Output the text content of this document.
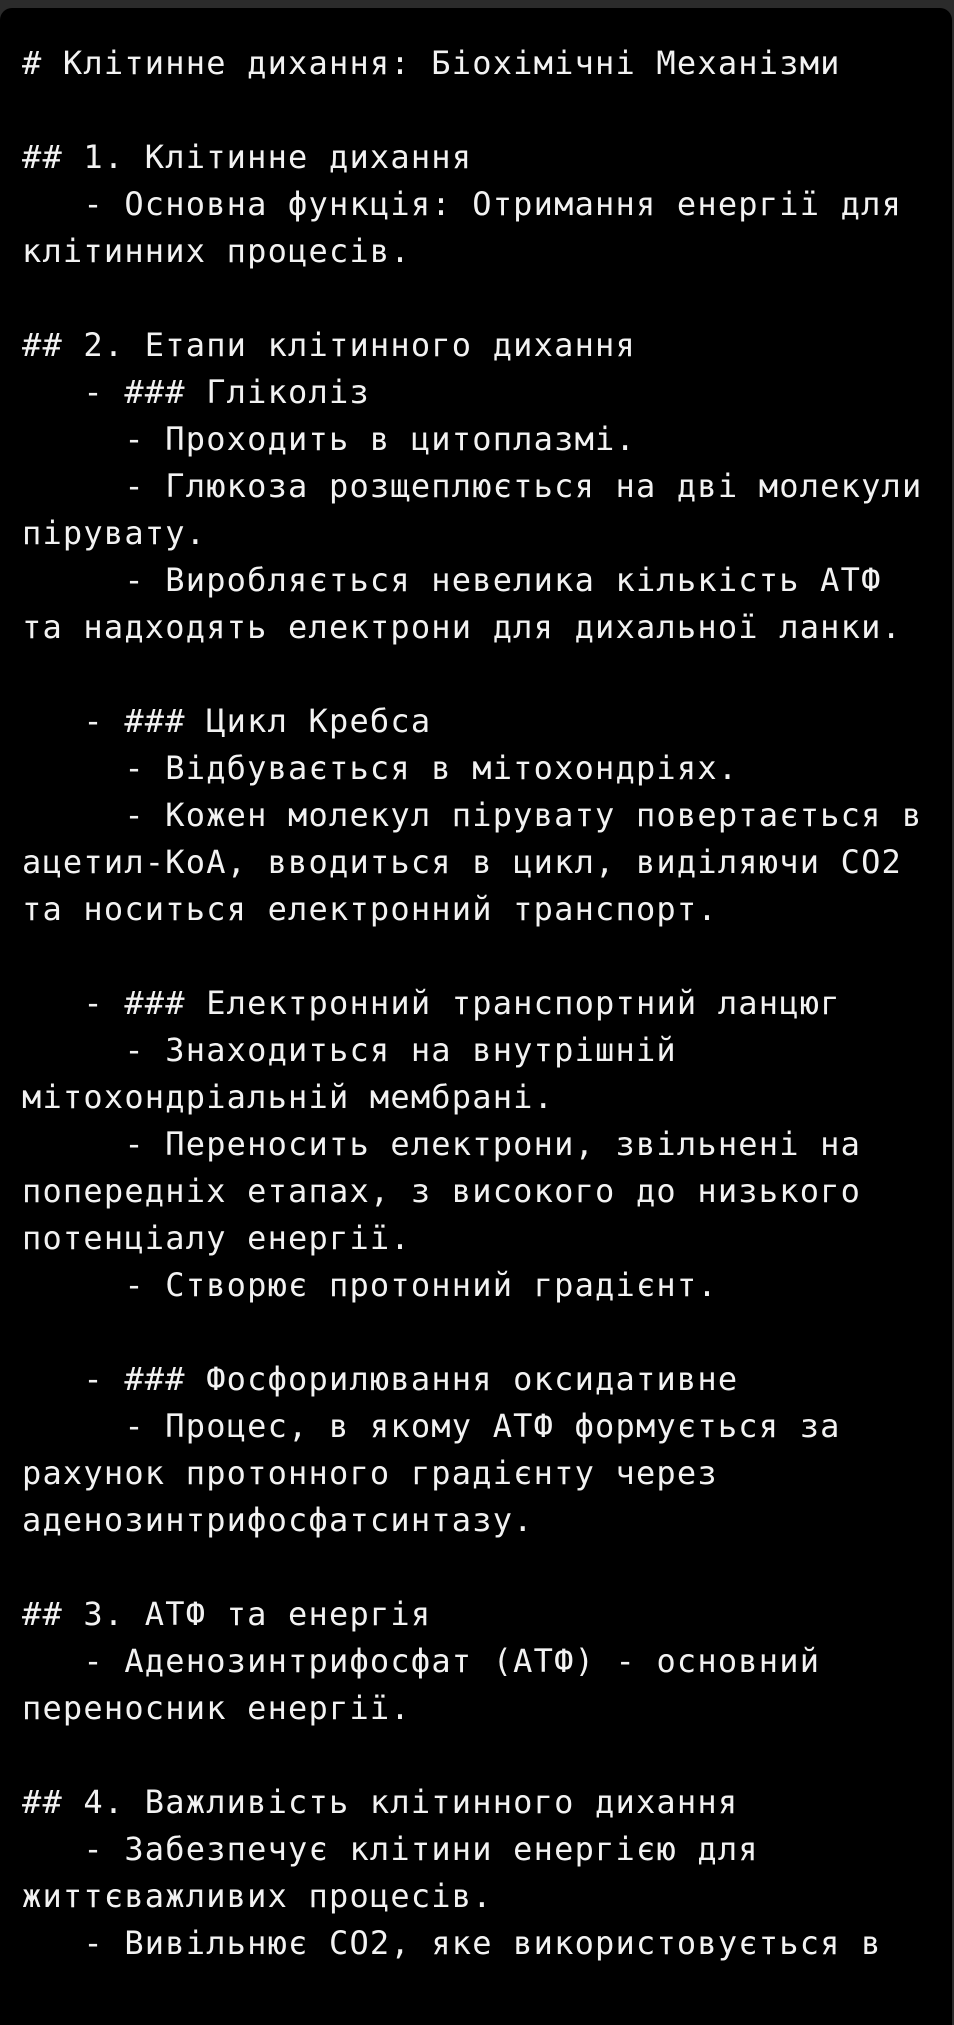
# Клітинне дихання: Біохімічні Механізми

## 1. Клітинне дихання
- Основна функція: Отримання енергії для клітинних процесів.

## 2. Етапи клітинного дихання
- ### Гліколіз
- Проходить в цитоплазмі.
- Глюкоза розщеплюється на дві молекули пірувату.
- Виробляється невелика кількість АТФ та надходять електрони для дихальної ланки.

- ### Цикл Кребса
- Відбувається в мітохондріях.
- Кожен молекул пірувату повертається в ацетил-КоА, вводиться в цикл, виділяючи CO2 та носиться електронний транспорт.

- ### Електронний транспортний ланцюг
- Знаходиться на внутрішній мітохондріальній мембрані.
- Переносить електрони, звільнені на попередніх етапах, з високого до низького потенціалу енергії.
- Створює протонний градієнт.

- ### Фосфорилювання оксидативне
- Процес, в якому АТФ формується за рахунок протонного градієнту через аденозинтрифосфатсинтазу.

## 3. АТФ та енергія
- Аденозинтрифосфат (АТФ) - основний переносник енергії.

## 4. Важливість клітинного дихання
- Забезпечує клітини енергією для життєважливих процесів.
- Вивільнює CO2, яке використовується в
